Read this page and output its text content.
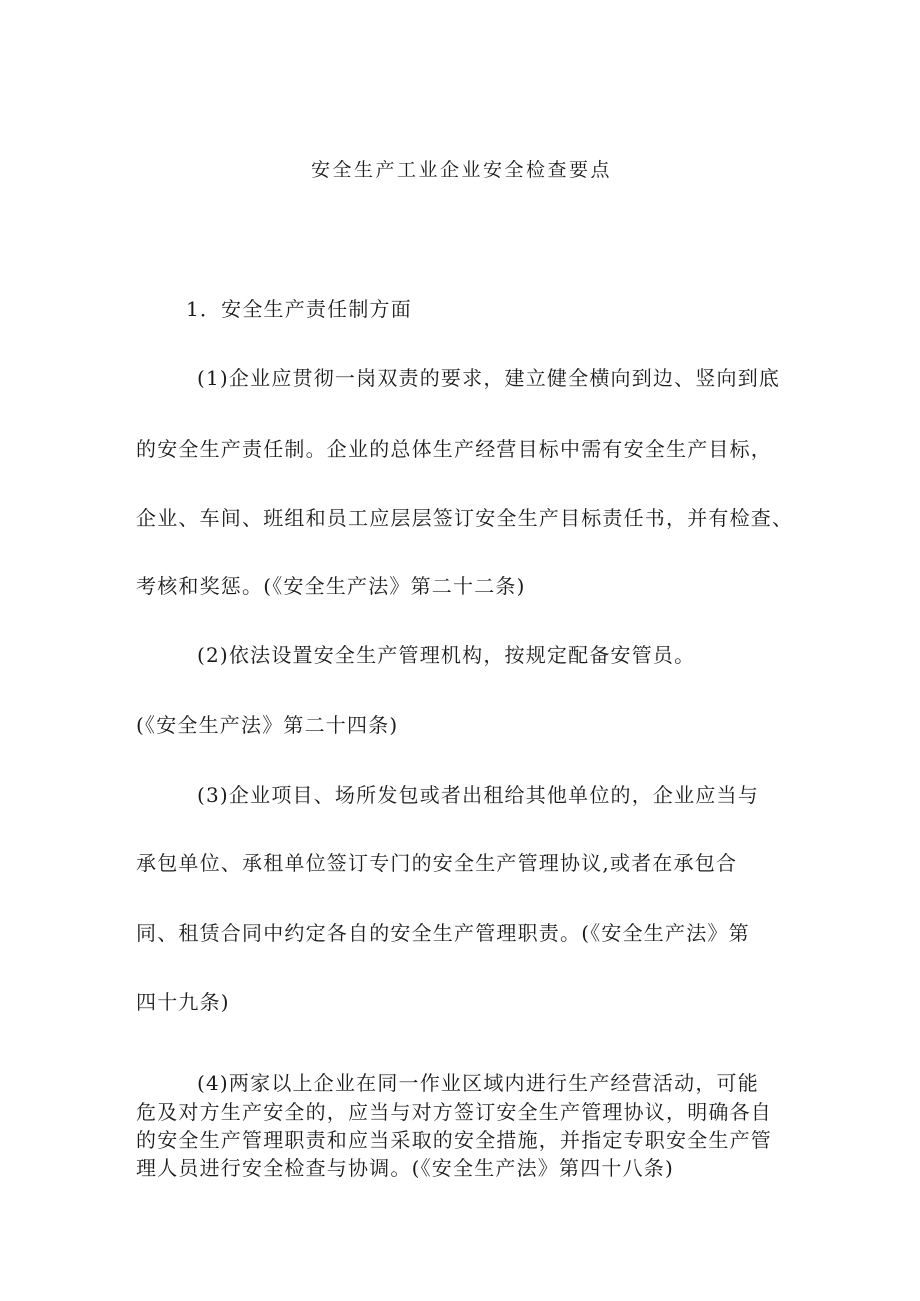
安全生产工业企业安全检查要点
1．安全生产责任制方面
(1)企业应贯彻一岗双责的要求，建立健全横向到边、竖向到底
的安全生产责任制。企业的总体生产经营目标中需有安全生产目标，
企业、车间、班组和员工应层层签订安全生产目标责任书，并有检查、
考核和奖惩。(《安全生产法》第二十二条)
(2)依法设置安全生产管理机构，按规定配备安管员。
(《安全生产法》第二十四条)
(3)企业项目、场所发包或者出租给其他单位的，企业应当与
承包单位、承租单位签订专门的安全生产管理协议,或者在承包合
同、租赁合同中约定各自的安全生产管理职责。(《安全生产法》第
四十九条)
(4)两家以上企业在同一作业区域内进行生产经营活动，可能
危及对方生产安全的，应当与对方签订安全生产管理协议，明确各自
的安全生产管理职责和应当采取的安全措施，并指定专职安全生产管
理人员进行安全检查与协调。(《安全生产法》第四十八条)
